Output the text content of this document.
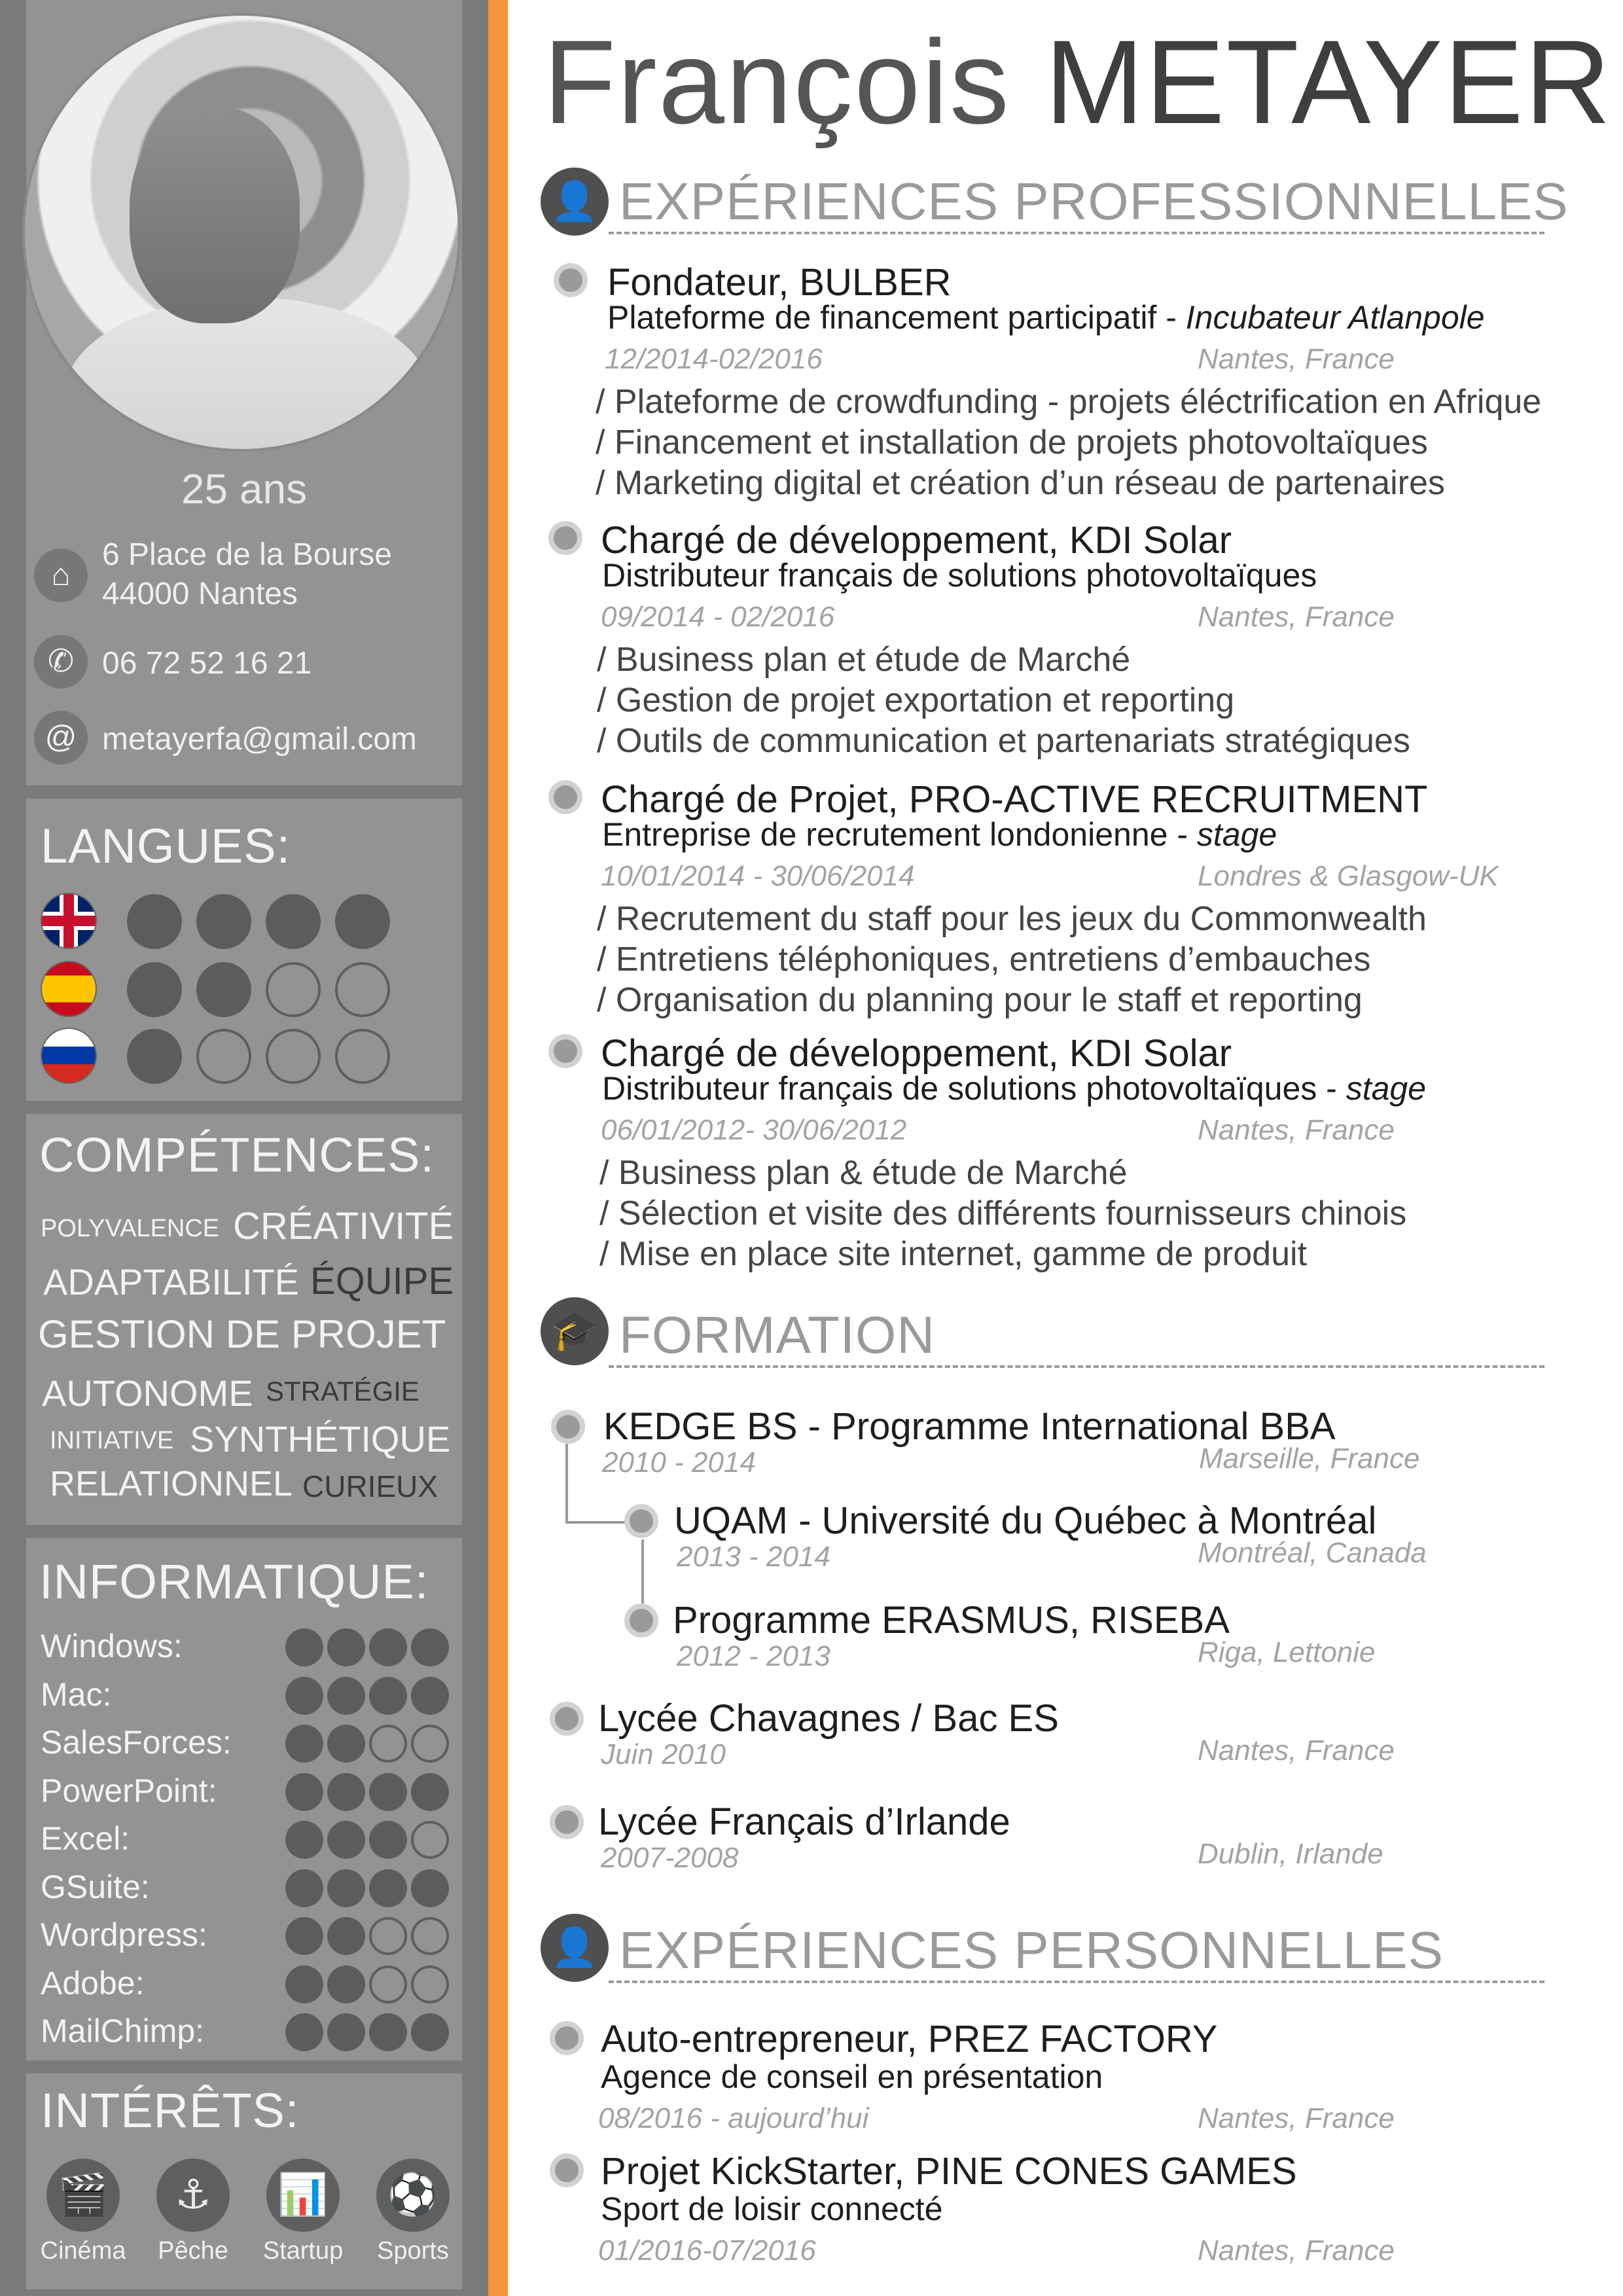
25 ans
⌂
6 Place de la Bourse
44000 Nantes
✆ 06 72 52 16 21
@ metayerfa@gmail.com
LANGUES:
COMPÉTENCES:
POLYVALENCE CRÉATIVITÉ
ADAPTABILITÉ ÉQUIPE
GESTION DE PROJET
AUTONOME STRATÉGIE
INITIATIVE SYNTHÉTIQUE
RELATIONNEL CURIEUX
INFORMATIQUE:
INTÉRÊTS:
François METAYER
👤 EXPÉRIENCES PROFESSIONNELLES
🎓 FORMATION
👤 EXPÉRIENCES PERSONNELLES
Windows:
Mac:
SalesForces:
PowerPoint:
Excel:
GSuite:
Wordpress:
Adobe:
MailChimp:
🎬
Cinéma
⚓
Pêche
📊
Startup
⚽
Sports
Fondateur, BULBER
Plateforme de financement participatif - Incubateur Atlanpole
12/2014-02/2016	Nantes, France
/ Plateforme de crowdfunding - projets éléctrification en Afrique
/ Financement et installation de projets photovoltaïques
/ Marketing digital et création d’un réseau de partenaires
Chargé de développement, KDI Solar
Distributeur français de solutions photovoltaïques
09/2014 - 02/2016	Nantes, France
/ Business plan et étude de Marché
/ Gestion de projet exportation et reporting
/ Outils de communication et partenariats stratégiques
Chargé de Projet, PRO-ACTIVE RECRUITMENT
Entreprise de recrutement londonienne - stage
10/01/2014 - 30/06/2014	Londres & Glasgow-UK
/ Recrutement du staff pour les jeux du Commonwealth
/ Entretiens téléphoniques, entretiens d’embauches
/ Organisation du planning pour le staff et reporting
Chargé de développement, KDI Solar
Distributeur français de solutions photovoltaïques - stage
06/01/2012- 30/06/2012	Nantes, France
/ Business plan & étude de Marché
/ Sélection et visite des différents fournisseurs chinois
/ Mise en place site internet, gamme de produit
KEDGE BS - Programme International BBA
2010 - 2014	Marseille, France
UQAM - Université du Québec à Montréal
2013 - 2014	Montréal, Canada
Programme ERASMUS, RISEBA
2012 - 2013	Riga, Lettonie
Lycée Chavagnes / Bac ES
Juin 2010	Nantes, France
Lycée Français d’Irlande
2007-2008	Dublin, Irlande
Auto-entrepreneur, PREZ FACTORY
Agence de conseil en présentation
08/2016 - aujourd’hui	Nantes, France
Projet KickStarter, PINE CONES GAMES
Sport de loisir connecté
01/2016-07/2016	Nantes, France
